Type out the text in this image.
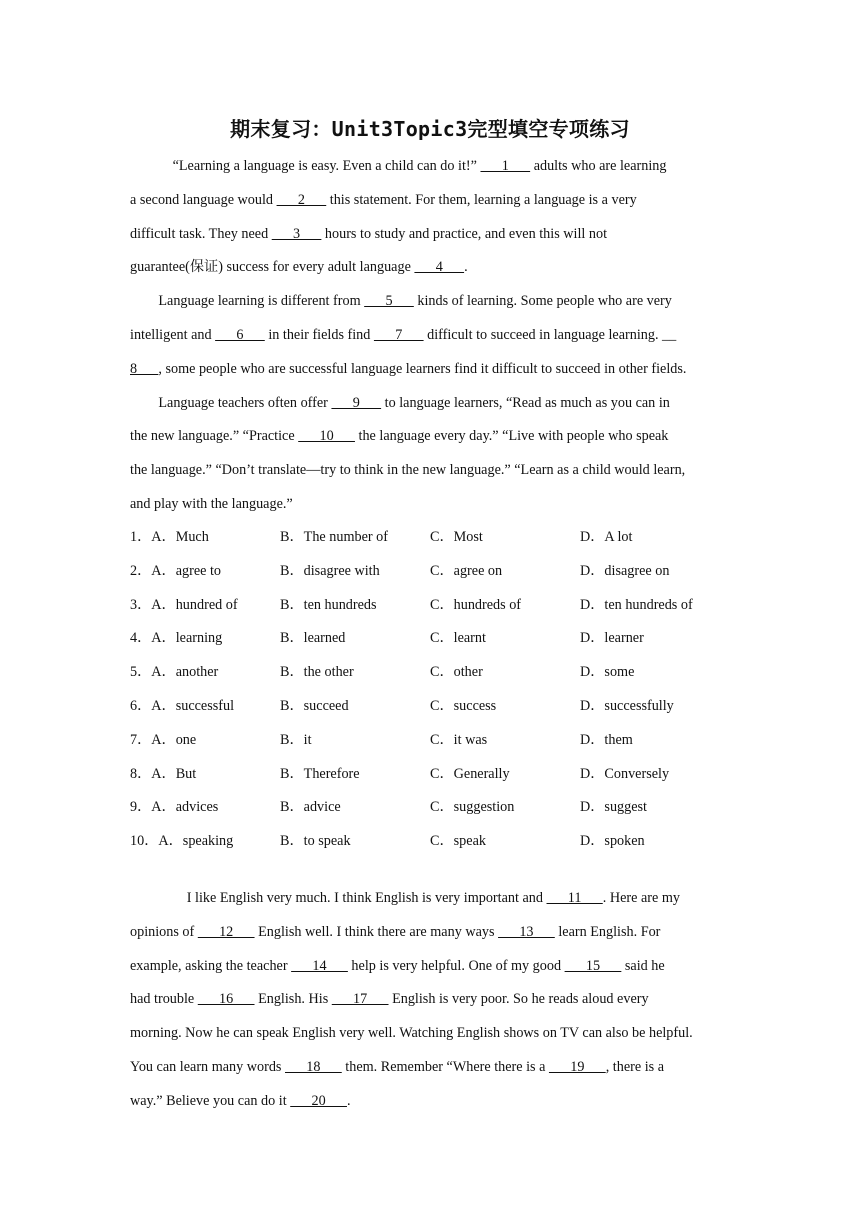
期末复习：Unit3Topic3完型填空专项练习
　　　“Learning a language is easy. Even a child can do it!”       1       adults who are learning
a second language would       2       this statement. For them, learning a language is a very
difficult task. They need       3       hours to study and practice, and even this will not
guarantee(保证) success for every adult language       4      .
　　Language learning is different from       5       kinds of learning. Some people who are very
intelligent and       6       in their fields find       7       difficult to succeed in language learning. __
8      , some people who are successful language learners find it difficult to succeed in other fields.
　　Language teachers often offer       9       to language learners, “Read as much as you can in
the new language.” “Practice       10       the language every day.” “Live with people who speak
the language.” “Don’t translate—try to think in the new language.” “Learn as a child would learn,
and play with the language.”
1．A．Much	B．The number of	C．Most	D．A lot
2．A．agree to	B．disagree with	C．agree on	D．disagree on
3．A．hundred of	B．ten hundreds	C．hundreds of	D．ten hundreds of
4．A．learning	B．learned	C．learnt	D．learner
5．A．another	B．the other	C．other	D．some
6．A．successful	B．succeed	C．success	D．successfully
7．A．one	B．it	C．it was	D．them
8．A．But	B．Therefore	C．Generally	D．Conversely
9．A．advices	B．advice	C．suggestion	D．suggest
10．A．speaking	B．to speak	C．speak	D．spoken
　　　　I like English very much. I think English is very important and       11      . Here are my
opinions of       12       English well. I think there are many ways       13       learn English. For
example, asking the teacher       14       help is very helpful. One of my good       15       said he
had trouble       16       English. His       17       English is very poor. So he reads aloud every
morning. Now he can speak English very well. Watching English shows on TV can also be helpful.
You can learn many words       18       them. Remember “Where there is a       19      , there is a
way.” Believe you can do it       20      .
